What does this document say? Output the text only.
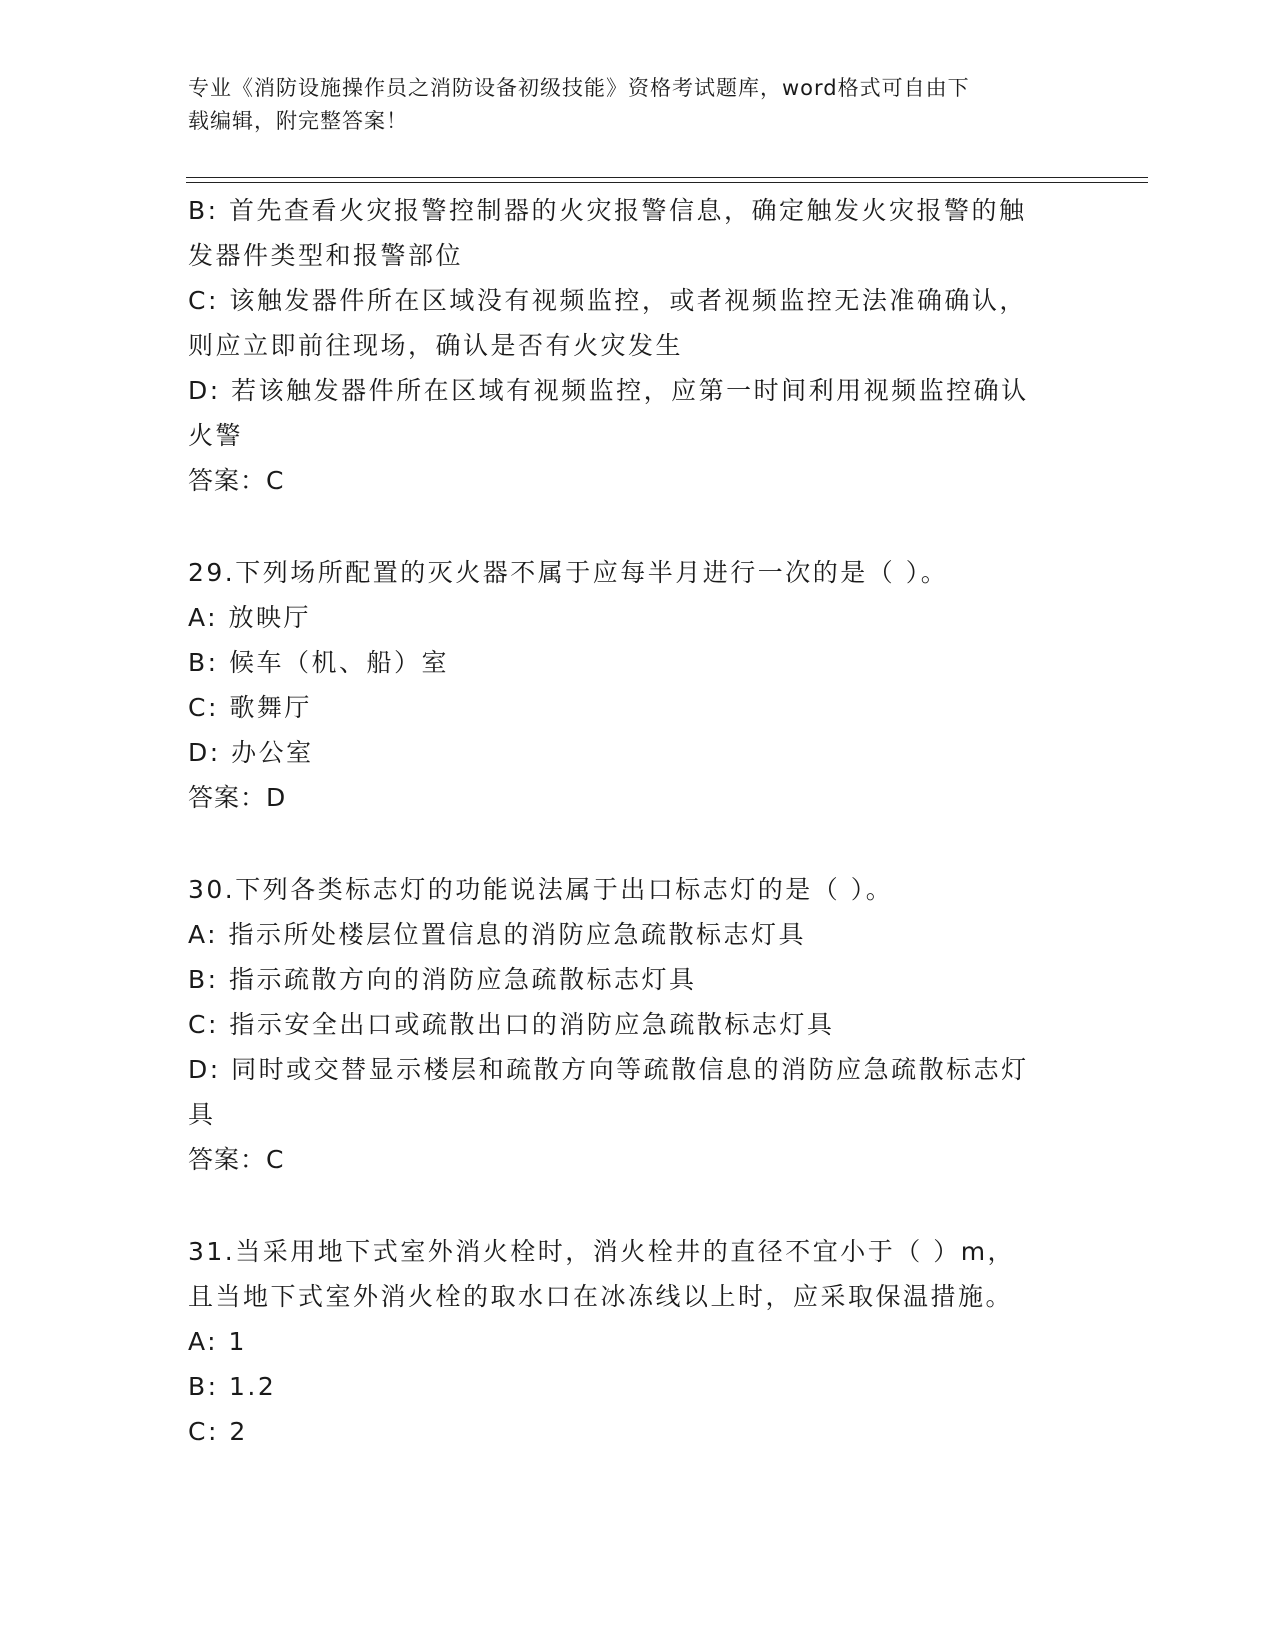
专业《消防设施操作员之消防设备初级技能》资格考试题库，word格式可自由下
载编辑，附完整答案！
B: 首先查看火灾报警控制器的火灾报警信息，确定触发火灾报警的触
发器件类型和报警部位
C: 该触发器件所在区域没有视频监控，或者视频监控无法准确确认，
则应立即前往现场，确认是否有火灾发生
D: 若该触发器件所在区域有视频监控，应第一时间利用视频监控确认
火警
答案：C
29.下列场所配置的灭火器不属于应每半月进行一次的是（ ）。
A: 放映厅
B: 候车（机、船）室
C: 歌舞厅
D: 办公室
答案：D
30.下列各类标志灯的功能说法属于出口标志灯的是（ ）。
A: 指示所处楼层位置信息的消防应急疏散标志灯具
B: 指示疏散方向的消防应急疏散标志灯具
C: 指示安全出口或疏散出口的消防应急疏散标志灯具
D: 同时或交替显示楼层和疏散方向等疏散信息的消防应急疏散标志灯
具
答案：C
31.当采用地下式室外消火栓时，消火栓井的直径不宜小于（ ）m，
且当地下式室外消火栓的取水口在冰冻线以上时，应采取保温措施。
A: 1
B: 1.2
C: 2
